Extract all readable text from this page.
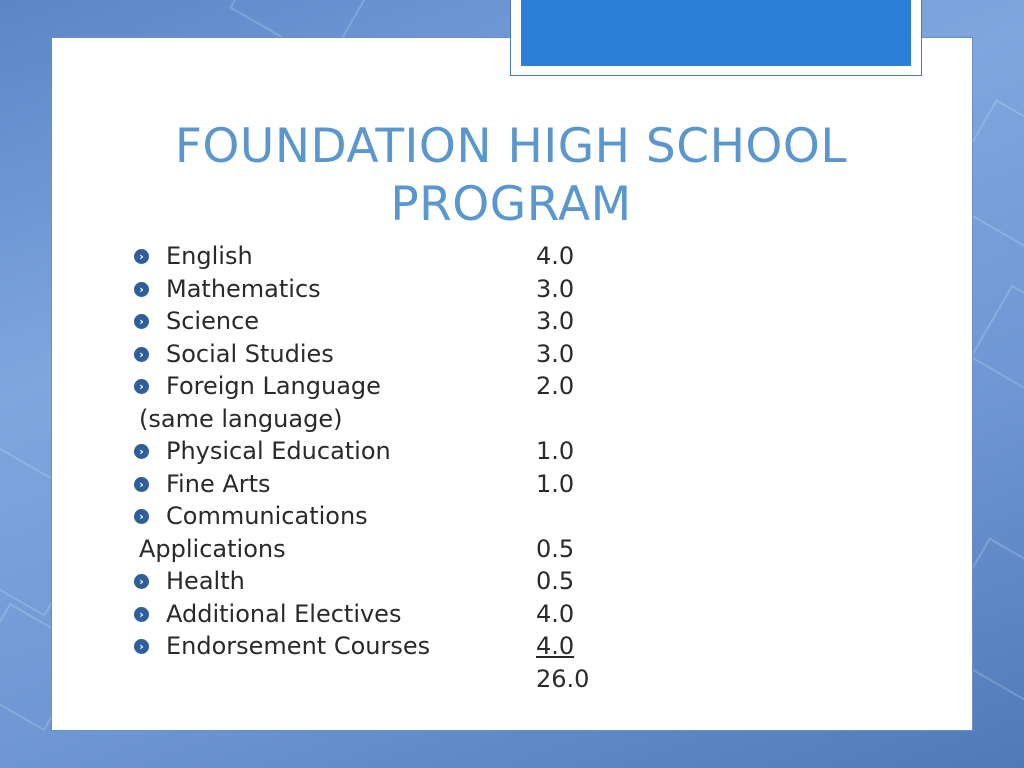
FOUNDATION HIGH SCHOOL PROGRAM
› English	4.0
› Mathematics	3.0
› Science	3.0
› Social Studies	3.0
› Foreign Language	2.0
(same language)
› Physical Education	1.0
› Fine Arts	1.0
› Communications
Applications	0.5
› Health	0.5
› Additional Electives	4.0
› Endorsement Courses	4.0
26.0
